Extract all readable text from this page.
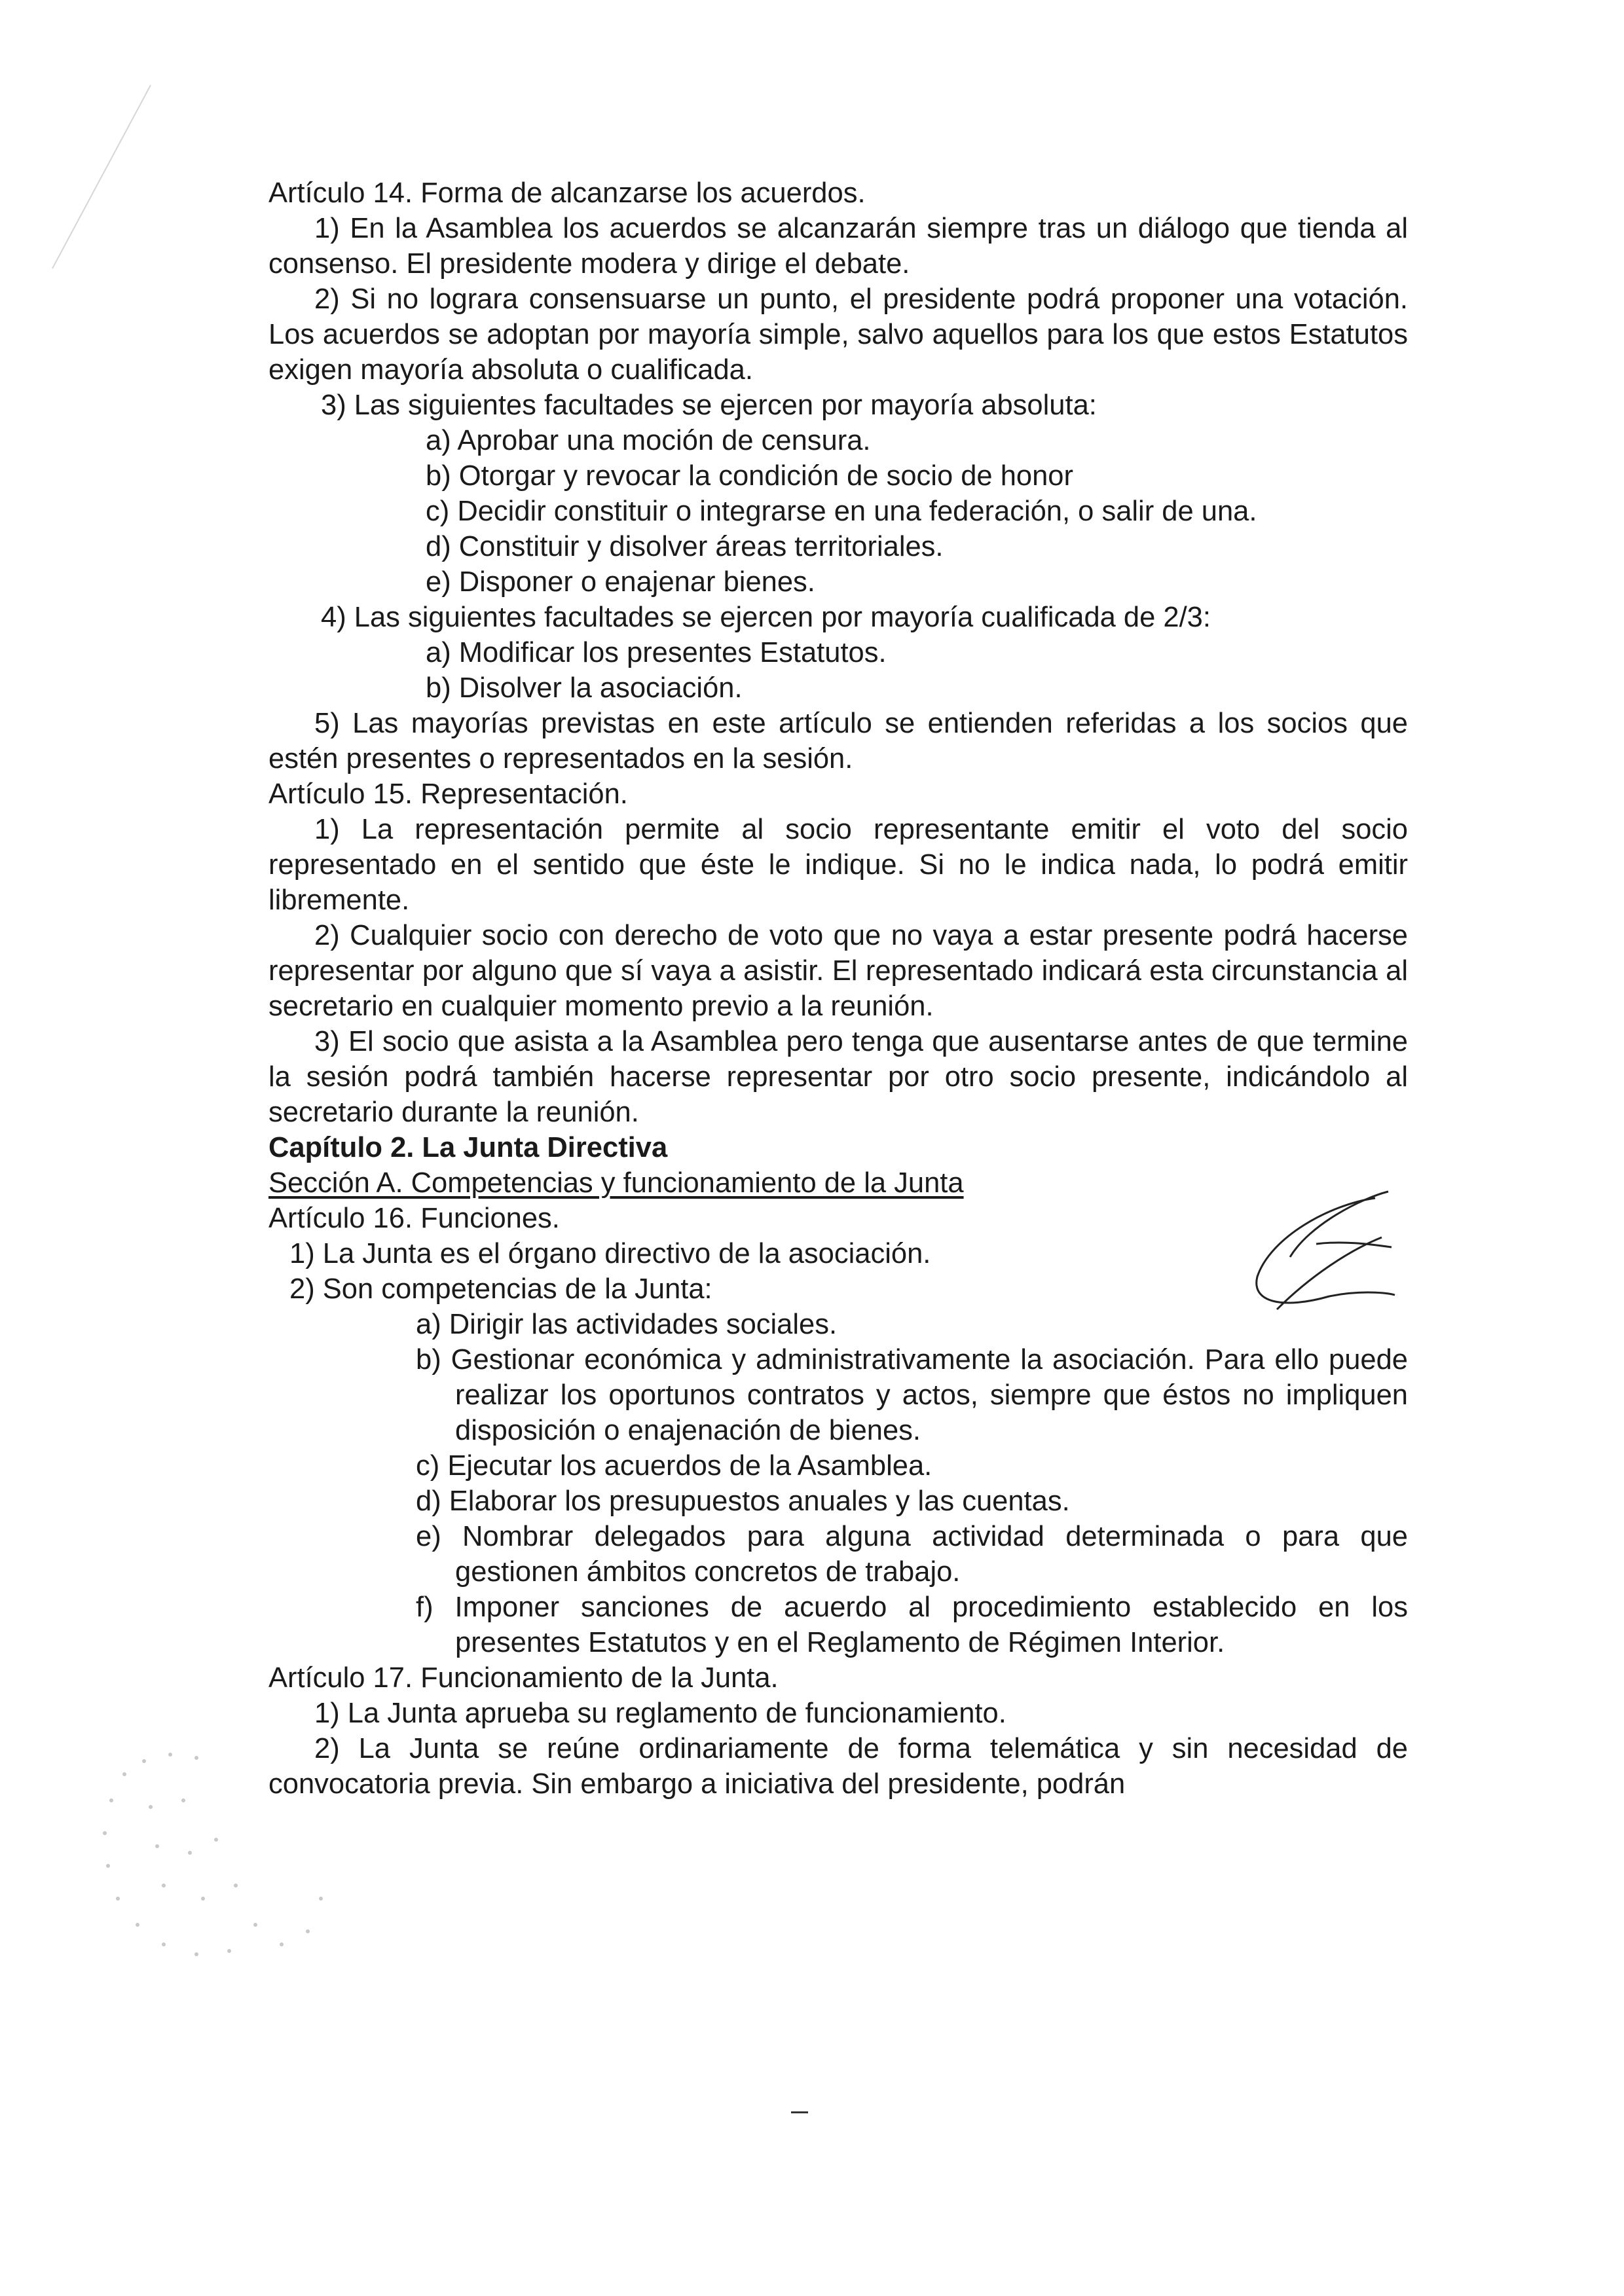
Artículo 14. Forma de alcanzarse los acuerdos.

1) En la Asamblea los acuerdos se alcanzarán siempre tras un diálogo que tienda al consenso. El presidente modera y dirige el debate.

2) Si no lograra consensuarse un punto, el presidente podrá proponer una votación. Los acuerdos se adoptan por mayoría simple, salvo aquellos para los que estos Estatutos exigen mayoría absoluta o cualificada.

3) Las siguientes facultades se ejercen por mayoría absoluta:

a) Aprobar una moción de censura.

b) Otorgar y revocar la condición de socio de honor

c) Decidir constituir o integrarse en una federación, o salir de una.

d) Constituir y disolver áreas territoriales.

e) Disponer o enajenar bienes.

4) Las siguientes facultades se ejercen por mayoría cualificada de 2/3:

a) Modificar los presentes Estatutos.

b) Disolver la asociación.

5) Las mayorías previstas en este artículo se entienden referidas a los socios que estén presentes o representados en la sesión.

Artículo 15. Representación.

1) La representación permite al socio representante emitir el voto del socio representado en el sentido que éste le indique. Si no le indica nada, lo podrá emitir libremente.

2) Cualquier socio con derecho de voto que no vaya a estar presente podrá hacerse representar por alguno que sí vaya a asistir. El representado indicará esta circunstancia al secretario en cualquier momento previo a la reunión.

3) El socio que asista a la Asamblea pero tenga que ausentarse antes de que termine la sesión podrá también hacerse representar por otro socio presente, indicándolo al secretario durante la reunión.

Capítulo 2. La Junta Directiva

Sección A. Competencias y funcionamiento de la Junta

Artículo 16. Funciones.

1) La Junta es el órgano directivo de la asociación.

2) Son competencias de la Junta:

a) Dirigir las actividades sociales.

b) Gestionar económica y administrativamente la asociación. Para ello puede realizar los oportunos contratos y actos, siempre que éstos no impliquen disposición o enajenación de bienes.

c) Ejecutar los acuerdos de la Asamblea.

d) Elaborar los presupuestos anuales y las cuentas.

e) Nombrar delegados para alguna actividad determinada o para que gestionen ámbitos concretos de trabajo.

f) Imponer sanciones de acuerdo al procedimiento establecido en los presentes Estatutos y en el Reglamento de Régimen Interior.

Artículo 17. Funcionamiento de la Junta.

1) La Junta aprueba su reglamento de funcionamiento.

2) La Junta se reúne ordinariamente de forma telemática y sin necesidad de convocatoria previa. Sin embargo a iniciativa del presidente, podrán
